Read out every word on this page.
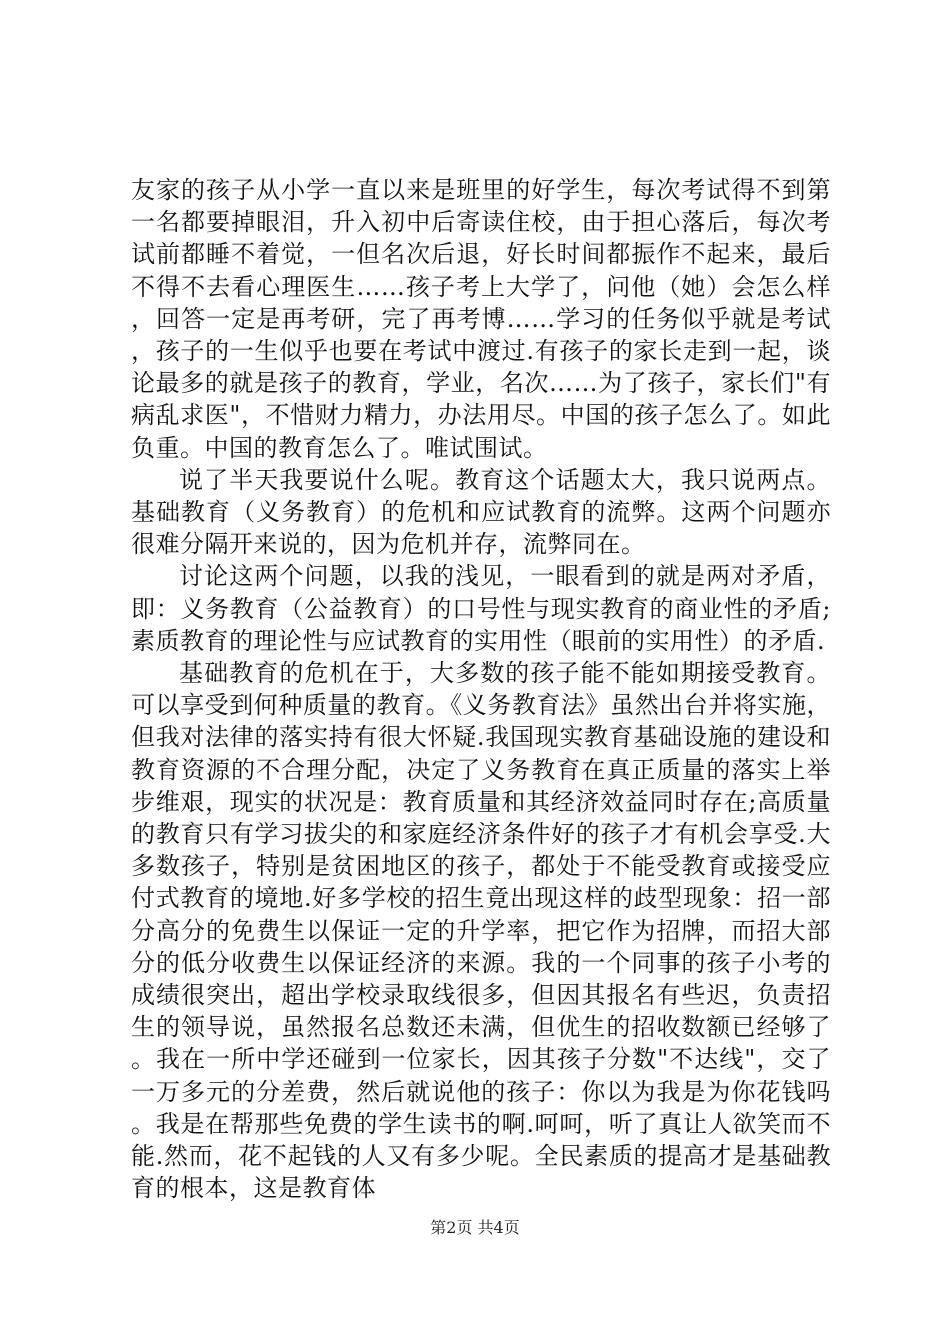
友家的孩子从小学一直以来是班里的好学生，每次考试得不到第一名都要掉眼泪，升入初中后寄读住校，由于担心落后，每次考试前都睡不着觉，一但名次后退，好长时间都振作不起来，最后不得不去看心理医生……孩子考上大学了，问他（她）会怎么样，回答一定是再考研，完了再考博……学习的任务似乎就是考试，孩子的一生似乎也要在考试中渡过.有孩子的家长走到一起，谈论最多的就是孩子的教育，学业，名次……为了孩子，家长们"有病乱求医"，不惜财力精力，办法用尽。中国的孩子怎么了。如此负重。中国的教育怎么了。唯试围试。

说了半天我要说什么呢。教育这个话题太大，我只说两点。基础教育（义务教育）的危机和应试教育的流弊。这两个问题亦很难分隔开来说的，因为危机并存，流弊同在。

讨论这两个问题，以我的浅见，一眼看到的就是两对矛盾，即：义务教育（公益教育）的口号性与现实教育的商业性的矛盾;素质教育的理论性与应试教育的实用性（眼前的实用性）的矛盾.

基础教育的危机在于，大多数的孩子能不能如期接受教育。可以享受到何种质量的教育。《义务教育法》虽然出台并将实施，但我对法律的落实持有很大怀疑.我国现实教育基础设施的建设和教育资源的不合理分配，决定了义务教育在真正质量的落实上举步维艰，现实的状况是：教育质量和其经济效益同时存在;高质量的教育只有学习拔尖的和家庭经济条件好的孩子才有机会享受.大多数孩子，特别是贫困地区的孩子，都处于不能受教育或接受应付式教育的境地.好多学校的招生竟出现这样的歧型现象：招一部分高分的免费生以保证一定的升学率，把它作为招牌，而招大部分的低分收费生以保证经济的来源。我的一个同事的孩子小考的成绩很突出，超出学校录取线很多，但因其报名有些迟，负责招生的领导说，虽然报名总数还未满，但优生的招收数额已经够了。我在一所中学还碰到一位家长，因其孩子分数"不达线"，交了一万多元的分差费，然后就说他的孩子：你以为我是为你花钱吗。我是在帮那些免费的学生读书的啊.呵呵，听了真让人欲笑而不能.然而，花不起钱的人又有多少呢。全民素质的提高才是基础教育的根本，这是教育体

第2页 共4页
